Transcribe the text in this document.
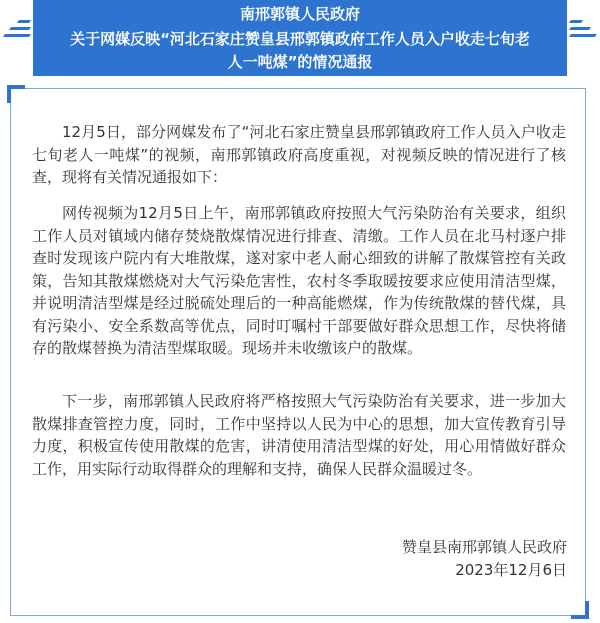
南邢郭镇人民政府
关于网媒反映“河北石家庄赞皇县邢郭镇政府工作人员入户收走七旬老
人一吨煤”的情况通报

12月5日，部分网媒发布了“河北石家庄赞皇县邢郭镇政府工作人员入户收走七旬老人一吨煤”的视频，南邢郭镇政府高度重视，对视频反映的情况进行了核查，现将有关情况通报如下：

网传视频为12月5日上午，南邢郭镇政府按照大气污染防治有关要求，组织工作人员对镇域内储存焚烧散煤情况进行排查、清缴。工作人员在北马村逐户排查时发现该户院内有大堆散煤，遂对家中老人耐心细致的讲解了散煤管控有关政策，告知其散煤燃烧对大气污染危害性，农村冬季取暖按要求应使用清洁型煤，并说明清洁型煤是经过脱硫处理后的一种高能燃煤，作为传统散煤的替代煤，具有污染小、安全系数高等优点，同时叮嘱村干部要做好群众思想工作，尽快将储存的散煤替换为清洁型煤取暖。现场并未收缴该户的散煤。

下一步，南邢郭镇人民政府将严格按照大气污染防治有关要求，进一步加大散煤排查管控力度，同时，工作中坚持以人民为中心的思想，加大宣传教育引导力度，积极宣传使用散煤的危害，讲清使用清洁型煤的好处，用心用情做好群众工作，用实际行动取得群众的理解和支持，确保人民群众温暖过冬。

赞皇县南邢郭镇人民政府
2023年12月6日
